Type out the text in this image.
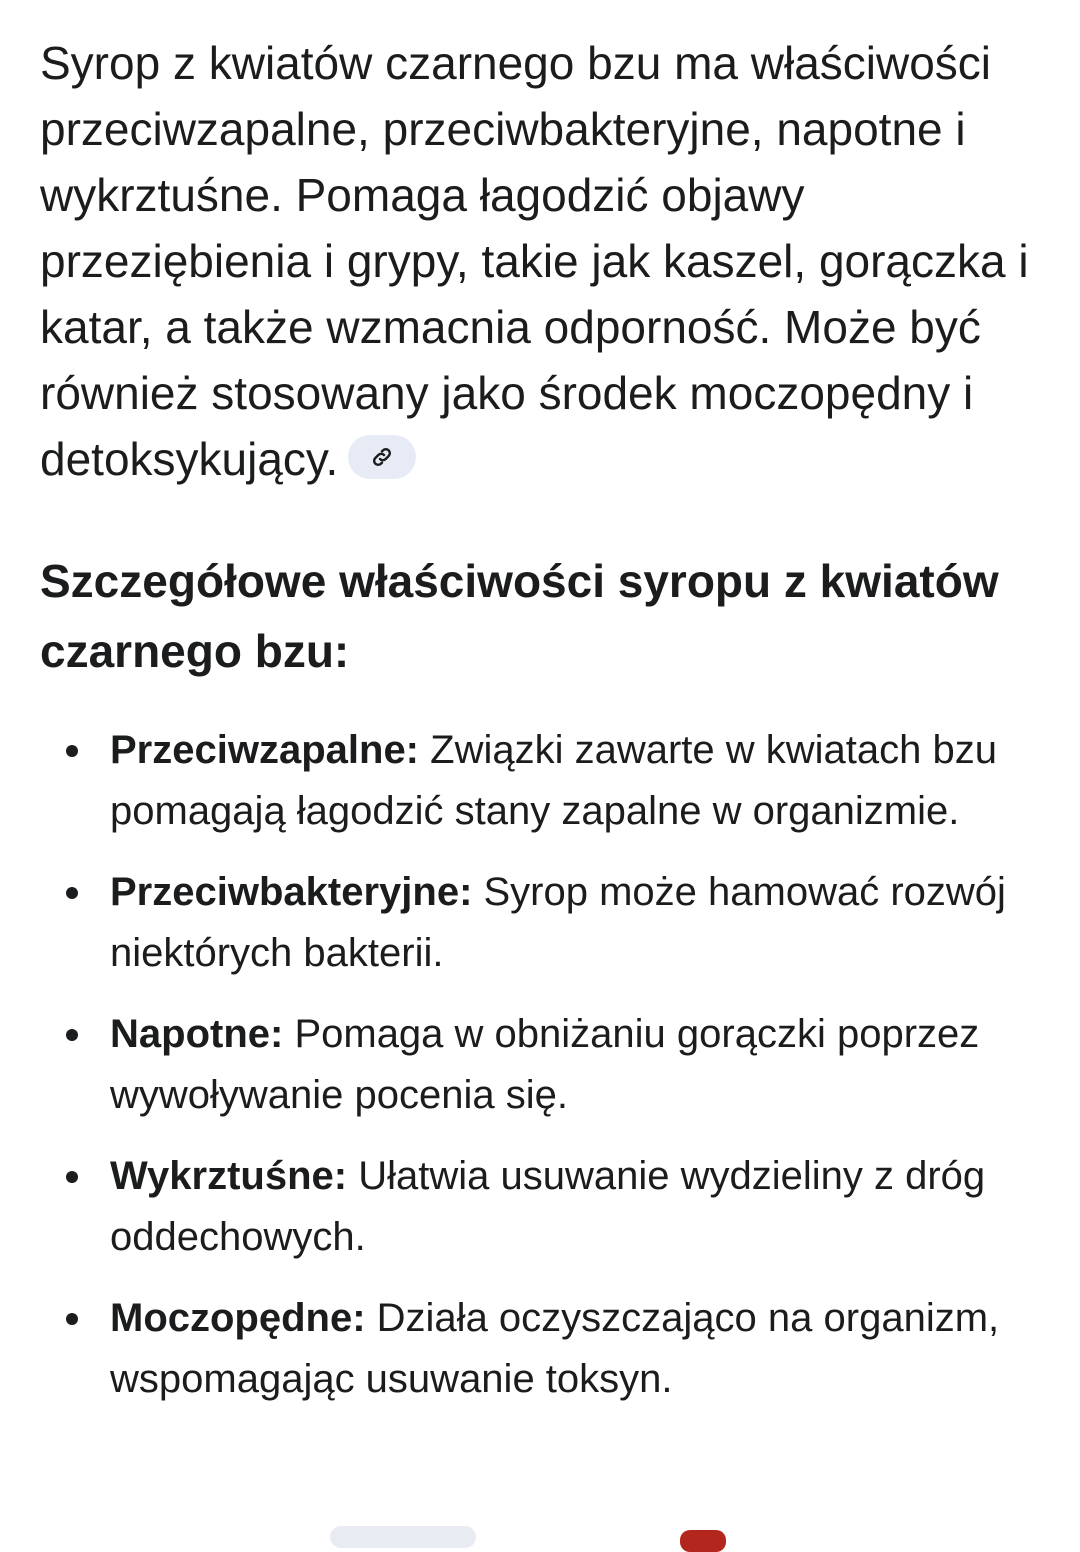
Syrop z kwiatów czarnego bzu ma właściwości przeciwzapalne, przeciwbakteryjne, napotne i wykrztuśne. Pomaga łagodzić objawy przeziębienia i grypy, takie jak kaszel, gorączka i katar, a także wzmacnia odporność. Może być również stosowany jako środek moczopędny i detoksykujący.

Szczegółowe właściwości syropu z kwiatów czarnego bzu:
Przeciwzapalne: Związki zawarte w kwiatach bzu pomagają łagodzić stany zapalne w organizmie.
Przeciwbakteryjne: Syrop może hamować rozwój niektórych bakterii.
Napotne: Pomaga w obniżaniu gorączki poprzez wywoływanie pocenia się.
Wykrztuśne: Ułatwia usuwanie wydzieliny z dróg oddechowych.
Moczopędne: Działa oczyszczająco na organizm, wspomagając usuwanie toksyn.
